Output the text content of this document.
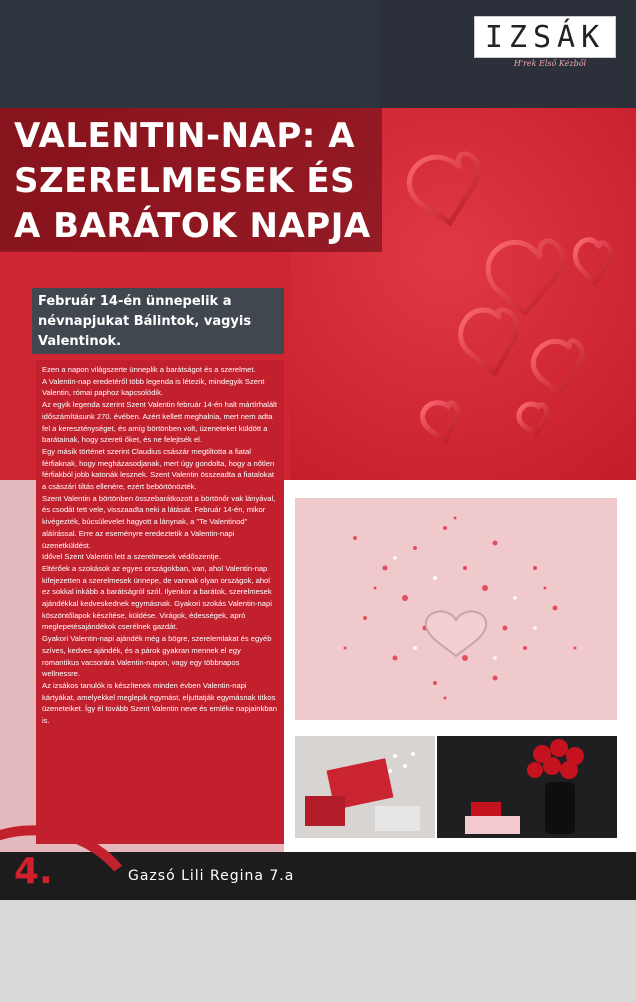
IZSÁK
H'rek Első Kézből
VALENTIN-NAP: A SZERELMESEK ÉS A BARÁTOK NAPJA

Február 14-én ünnepelik a névnapjukat Bálintok, vagyis Valentinok.

Ezen a napon világszerte ünneplik a barátságot és a szerelmet.

A Valentin-nap eredetéről több legenda is létezik, mindegyik Szent Valentin, római paphoz kapcsolódik.

Az egyik legenda szerint Szent Valentin február 14-én halt mártírhalált időszámításunk 270. évében. Azért kellett meghalnia, mert nem adta fel a kereszténységet, és amíg börtönben volt, üzeneteket küldött a barátainak, hogy szereti őket, és ne felejtsék el.

Egy másik történet szerint Claudius császár megtiltotta a fiatal férfiaknak, hogy megházasodjanak, mert úgy gondolta, hogy a nőtlen férfiakból jobb katonák lesznek. Szent Valentin összeadta a fiatalokat a császári tiltás ellenére, ezért bebörtönözték.

Szent Valentin a börtönben összebarátkozott a börtönőr vak lányával, és csodát tett vele, visszaadta neki a látását. Február 14-én, mikor kivégezték, búcsúlevelet hagyott a lánynak, a "Te Valentinod" aláírással. Erre az eseményre eredeztetik a Valentin-napi üzenetküldést.

Idővel Szent Valentin lett a szerelmesek védőszentje.

Eltérőek a szokások az egyes országokban, van, ahol Valentin-nap kifejezetten a szerelmesek ünnepe, de vannak olyan országok, ahol ez sokkal inkább a barátságról szól. Ilyenkor a barátok, szerelmesek ajándékkal kedveskednek egymásnak. Gyakori szokás Valentin-napi köszöntőlapok készítése, küldése. Virágok, édességek, apró meglepetésajándékok cserélnek gazdát.

Gyakori Valentin-napi ajándék még a bögre, szerelemlakat és egyéb szíves, kedves ajándék, és a párok gyakran mennek el egy romantikus vacsorára Valentin-napon, vagy egy többnapos wellnessre.

Az izsákos tanulók is készítenek minden évben Valentin-napi kártyákat, amelyekkel meglepik egymást, eljuttatják egymásnak titkos üzeneteiket. Így él tovább Szent Valentin neve és emléke napjainkban is.

4.	Gazsó Lili Regina 7.a
